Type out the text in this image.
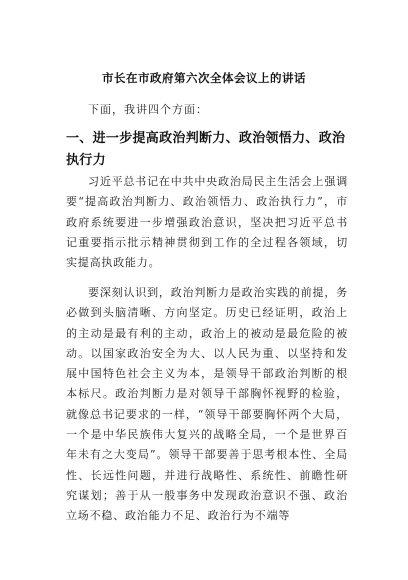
市长在市政府第六次全体会议上的讲话
下面，我讲四个方面：
一、进一步提高政治判断力、政治领悟力、政治执行力
习近平总书记在中共中央政治局民主生活会上强调要“提高政治判断力、政治领悟力、政治执行力”，市政府系统要进一步增强政治意识，坚决把习近平总书记重要指示批示精神贯彻到工作的全过程各领域，切实提高执政能力。
要深刻认识到，政治判断力是政治实践的前提，务必做到头脑清晰、方向坚定。历史已经证明，政治上的主动是最有利的主动，政治上的被动是最危险的被动。以国家政治安全为大、以人民为重、以坚持和发展中国特色社会主义为本，是领导干部政治判断的根本标尺。政治判断力是对领导干部胸怀视野的检验，就像总书记要求的一样，“领导干部要胸怀两个大局，一个是中华民族伟大复兴的战略全局，一个是世界百年未有之大变局”。领导干部要善于思考根本性、全局性、长远性问题，并进行战略性、系统性、前瞻性研究谋划；善于从一般事务中发现政治意识不强、政治立场不稳、政治能力不足、政治行为不端等
